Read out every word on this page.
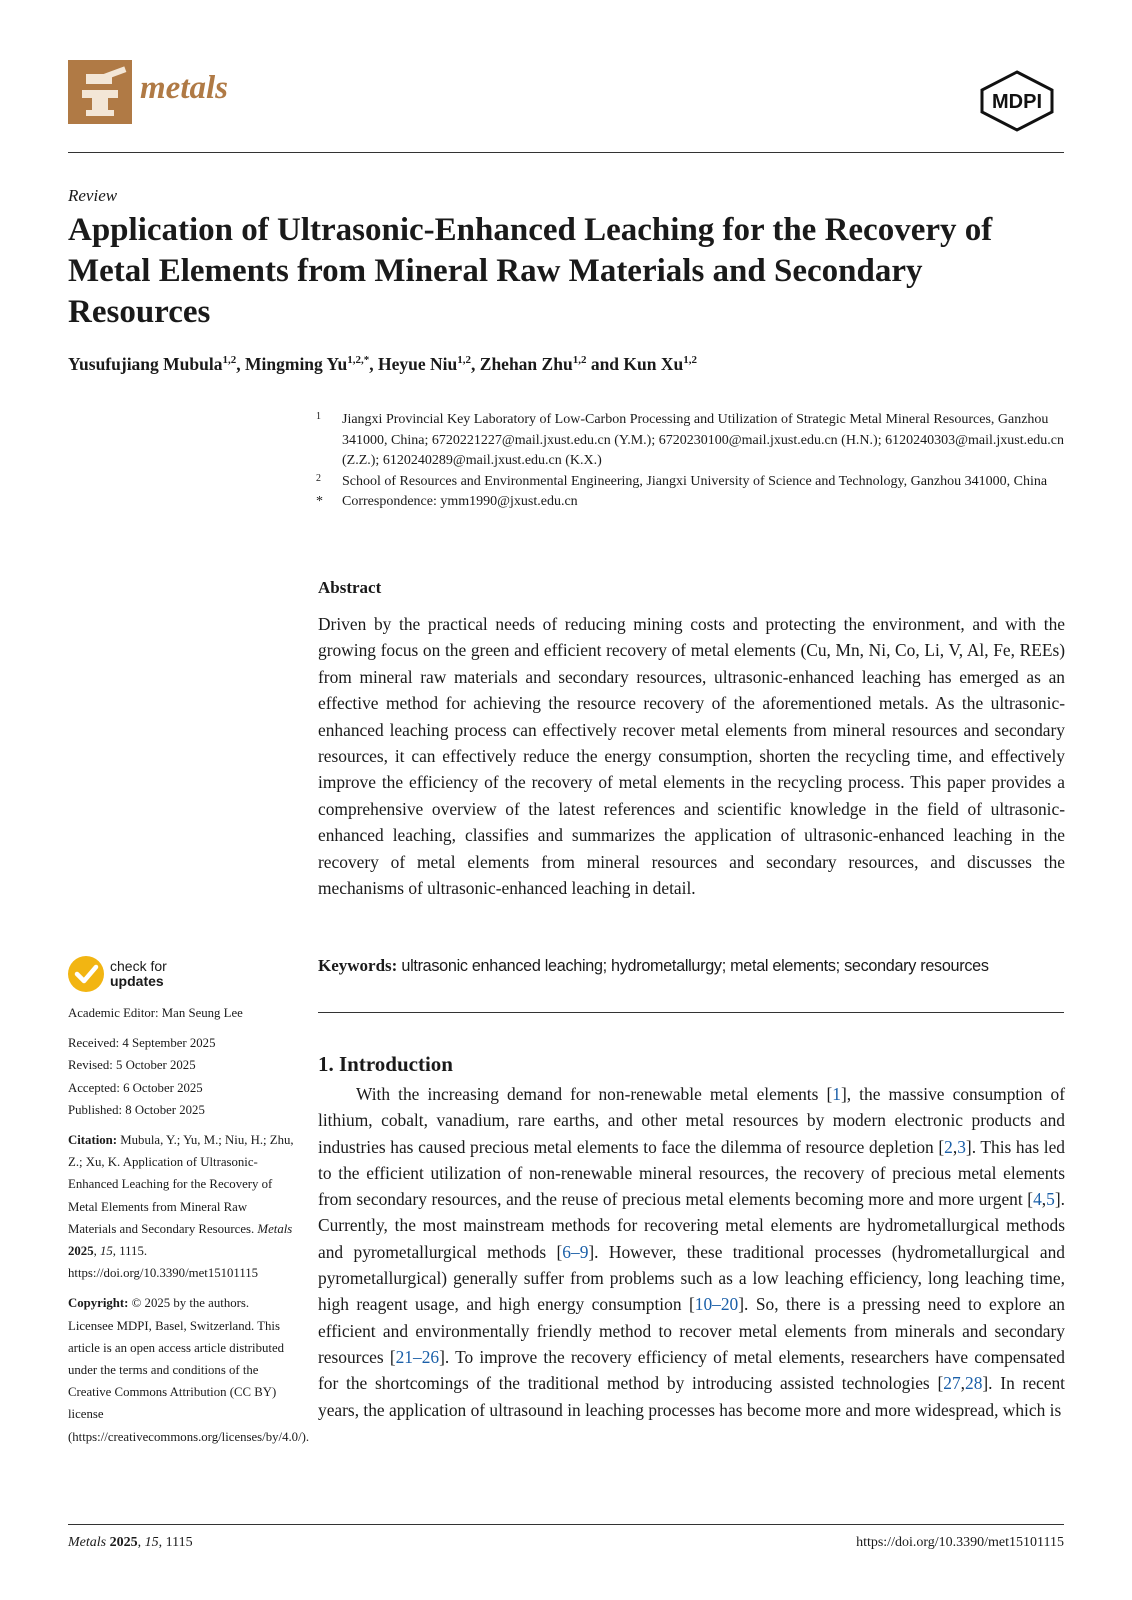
metals	MDPI
Review
Application of Ultrasonic-Enhanced Leaching for the Recovery of Metal Elements from Mineral Raw Materials and Secondary Resources
Yusufujiang Mubula$^{1,2}$, Mingming $Yu^{1,2,*}$, Heyue Niu$^{1,2}$, Zhehan Zhu$^{1,2}$ and Kun Xu$^{1,2}$

1	Jiangxi Provincial Key Laboratory of Low-Carbon Processing and Utilization of Strategic Metal Mineral Resources, Ganzhou 341000, China; 6720221227@mail.jxust.edu.cn (Y.M.); 6720230100@mail.jxust.edu.cn (H.N.); 6120240303@mail.jxust.edu.cn (Z.Z.); 6120240289@mail.jxust.edu.cn (K.X.)

2	School of Resources and Environmental Engineering, Jiangxi University of Science and Technology, Ganzhou 341000, China

*	Correspondence: ymm1990@jxust.edu.cn

Abstract

Driven by the practical needs of reducing mining costs and protecting the environment, and with the growing focus on the green and efficient recovery of metal elements (Cu, Mn, Ni, Co, Li, V, Al, Fe, REEs) from mineral raw materials and secondary resources, ultrasonic-enhanced leaching has emerged as an effective method for achieving the resource recovery of the aforementioned metals. As the ultrasonic-enhanced leaching process can effectively recover metal elements from mineral resources and secondary resources, it can effectively reduce the energy consumption, shorten the recycling time, and effectively improve the efficiency of the recovery of metal elements in the recycling process. This paper provides a comprehensive overview of the latest references and scientific knowledge in the field of ultrasonic-enhanced leaching, classifies and summarizes the application of ultrasonic-enhanced leaching in the recovery of metal elements from mineral resources and secondary resources, and discusses the mechanisms of ultrasonic-enhanced leaching in detail.

Keywords: ultrasonic enhanced leaching; hydrometallurgy; metal elements; secondary resources
1. Introduction

With the increasing demand for non-renewable metal elements [1], the massive consumption of lithium, cobalt, vanadium, rare earths, and other metal resources by modern electronic products and industries has caused precious metal elements to face the dilemma of resource depletion [2,3]. This has led to the efficient utilization of non-renewable mineral resources, the recovery of precious metal elements from secondary resources, and the reuse of precious metal elements becoming more and more urgent [4,5]. Currently, the most mainstream methods for recovering metal elements are hydrometallurgical methods and pyrometallurgical methods [6–9]. However, these traditional processes (hydrometallurgical and pyrometallurgical) generally suffer from problems such as a low leaching efficiency, long leaching time, high reagent usage, and high energy consumption [10–20]. So, there is a pressing need to explore an efficient and environmentally friendly method to recover metal elements from minerals and secondary resources [21–26]. To improve the recovery efficiency of metal elements, researchers have compensated for the shortcomings of the traditional method by introducing assisted technologies [27,28]. In recent years, the application of ultrasound in leaching processes has become more and more widespread, which is

check for
updates

Academic Editor: Man Seung Lee

Received: 4 September 2025

Revised: 5 October 2025

Accepted: 6 October 2025

Published: 8 October 2025

Citation: Mubula, Y.; Yu, M.; Niu, H.; Zhu, Z.; Xu, K. Application of Ultrasonic-Enhanced Leaching for the Recovery of Metal Elements from Mineral Raw Materials and Secondary Resources. Metals 2025, 15, 1115. https://doi.org/10.3390/met15101115

Copyright: © 2025 by the authors. Licensee MDPI, Basel, Switzerland. This article is an open access article distributed under the terms and conditions of the Creative Commons Attribution (CC BY) license (https://creativecommons.org/licenses/by/4.0/).

Metals 2025, 15, 1115	https://doi.org/10.3390/met15101115
